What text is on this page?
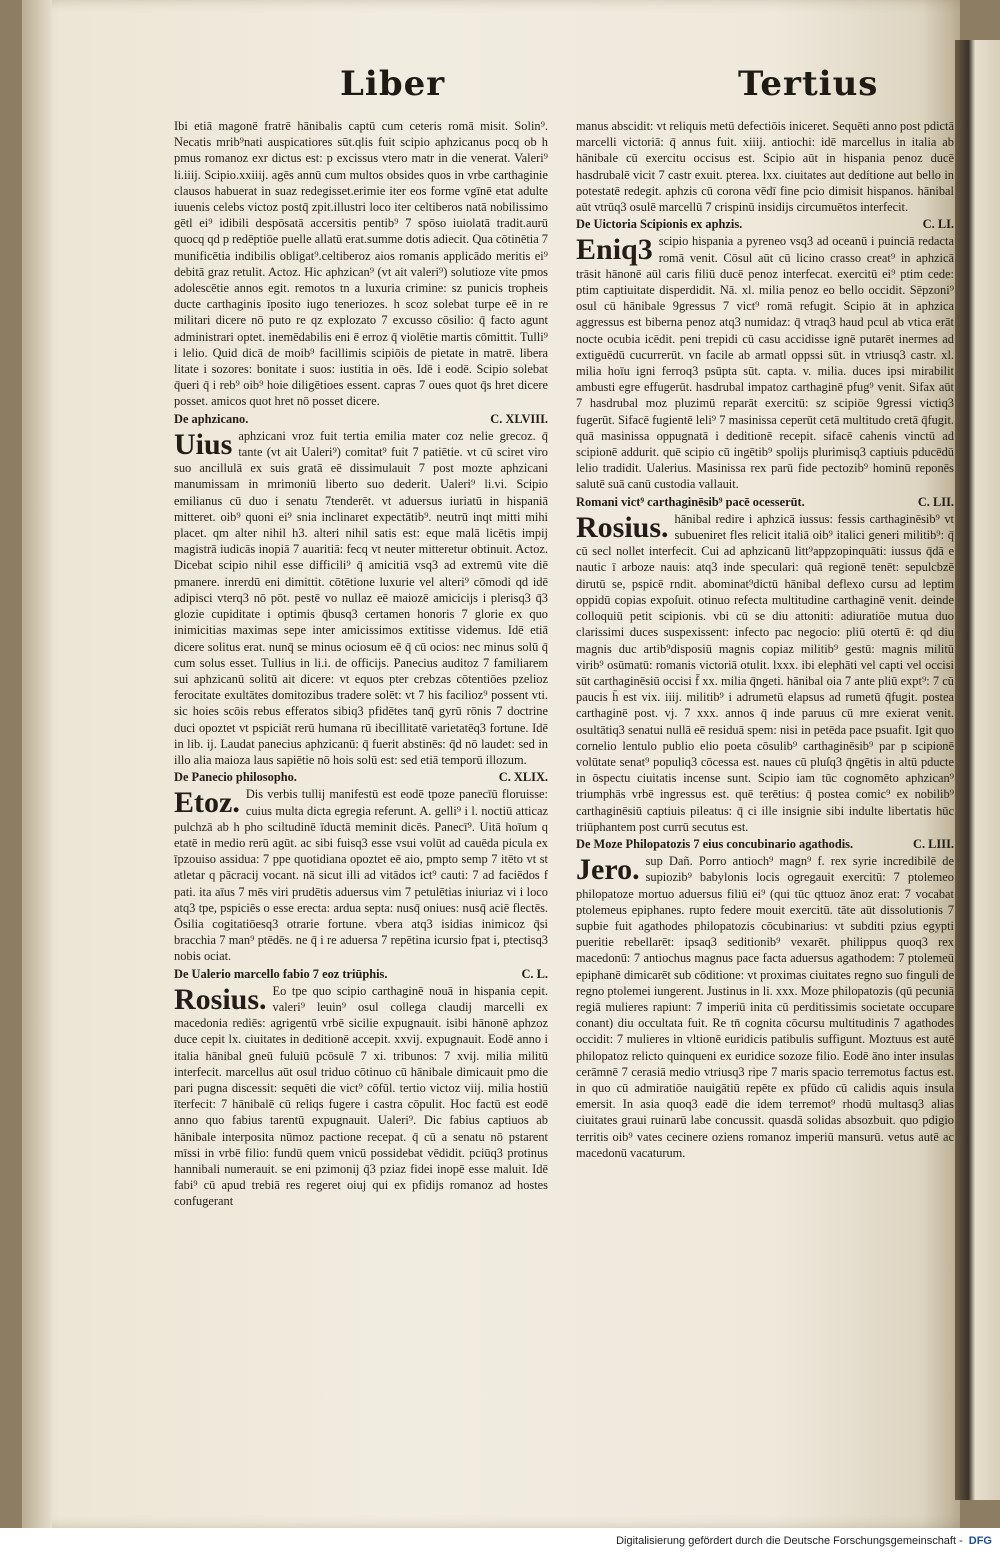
Liber	Tertius

Ibi etiā magonē fratrē hānibalis captū cum ceteris romā misit. Solin⁹. Necatis mrib⁹nati auspicatiores sūt.qlis fuit scipio aphzicanus pocq ob h pmus romanoz exr dictus est: p excissus vtero matr in die venerat. Valeri⁹ li.iiij. Scipio.xxiiij. agēs annū cum multos obsides quos in vrbe carthaginie clausos habuerat in suaz redegisset.erimie iter eos forme vgīnē etat adulte iuuenis celebs victoz postq̄ zpit.illustri loco iter celtiberos natā nobilissimo gētl ei⁹ idibili despōsatā accersitis pentib⁹ 7 spōso iuiolatā tradit.aurū quocq qd p redēptiōe puelle allatū erat.summe dotis adiecit. Qua cōtinētia 7 munificētia indibilis obligat⁹.celtiberoz aios romanis applicādo meritis ei⁹ debitā graz retulit. Actoz. Hic aphzican⁹ (vt ait valeri⁹) solutioze vite pmos adolescētie annos egit. remotos tn a luxuria crimine: sz punicis tropheis ducte carthaginis īposito iugo teneriozes. h scoz solebat turpe eē in re militari dicere nō puto re qz explozato 7 excusso cōsilio: q̄ facto agunt administrari optet. inemēdabilis eni ē erroz q̄ violētie martis cōmittit. Tulli⁹ i lelio. Quid dicā de moib⁹ facillimis scipiōis de pietate in matrē. libera litate i sozores: bonitate i suos: iustitia in oēs. Idē i eodē. Scipio solebat q̄ueri q̄ i reb⁹ oib⁹ hoie diligētioes essent. capras 7 oues quot q̄s hret dicere posset. amicos quot hret nō posset dicere.

De aphzicano.	C. XLVIII.

Uius aphzicani vroz fuit tertia emilia mater coz nelie grecoz. q̄ tante (vt ait Ualeri⁹) comitat⁹ fuit 7 patiētie. vt cū sciret viro suo ancillulā ex suis gratā eē dissimulauit 7 post mozte aphzicani manumissam in mrimoniū liberto suo dederit. Ualeri⁹ li.vi. Scipio emilianus cū duo i senatu 7tenderēt. vt aduersus iuriatū in hispaniā mitteret. oib⁹ quoni ei⁹ snia inclinaret expectātib⁹. neutrū inqt mitti mihi placet. qm alter nihil h3. alteri nihil satis est: eque malā licētis impij magistrā iudicās inopiā 7 auaritiā: fecq vt neuter mitteretur obtinuit. Actoz. Dicebat scipio nihil esse difficili⁹ q̄ amicitiā vsq3 ad extremū vite diē pmanere. inrerdū eni dimittit. cōtētione luxurie vel alteri⁹ cōmodi qd idē adipisci vterq3 nō pōt. pestē vo nullaz eē maiozē amicicijs i plerisq3 q̄3 glozie cupiditate i optimis q̄busq3 certamen honoris 7 glorie ex quo inimicitias maximas sepe inter amicissimos extitisse videmus. Idē etiā dicere solitus erat. nunq̄ se minus ociosum eē q̄ cū ocios: nec minus solū q̄ cum solus esset. Tullius in li.i. de officijs. Panecius auditoz 7 familiarem sui aphzicanū solitū ait dicere: vt equos pter crebzas cōtentiōes pzelioz ferocitate exultātes domitozibus tradere solēt: vt 7 his facilioz⁹ possent vti. sic hoies scōis rebus efferatos sibiq3 pfidētes tanq̄ gyrū rōnis 7 doctrine duci opoztet vt pspiciāt rerū humana rū ibecillitatē varietatēq3 fortune. Idē in lib. ij. Laudat panecius aphzicanū: q̄ fuerit abstinēs: q̄d nō laudet: sed in illo alia maioza laus sapiētie nō hois solū est: sed etiā temporū illozum.

De Panecio philosopho.	C. XLIX.

Etoz. Dis verbis tullij manifestū est eodē tpoze panecīū floruisse: cuius multa dicta egregia referunt. A. gelli⁹ i l. noctiū atticaz pulchzā ab h pho sciltudinē īductā meminit dicēs. Panecī⁹. Uitā hoīum q etatē in medio rerū agūt. ac sibi fuisq3 esse vsui volūt ad cauēda picula ex īpzouiso assidua: 7 ppe quotidiana opoztet eē aio, pmpto semp 7 itēto vt st atletar q pācracij vocant. nā sicut illi ad vitādos ict⁹ cauti: 7 ad faciēdos f pati. ita aīus 7 mēs viri prudētis aduersus vim 7 petulētias iniuriaz vi i loco atq3 tpe, pspiciēs o esse erecta: ardua septa: nusq̄ oniues: nusq̄ aciē flectēs. Ōsilia cogitatiōesq3 otrarie fortune. vbera atq3 isidias inimicoz q̄si bracchia 7 man⁹ ptēdēs. ne q̄ i re aduersa 7 repētina icursio fpat i, ptectisq3 nobis ociat.

De Ualerio marcello fabio 7 eoz triūphis.	C. L.

Rosius. Eo tpe quo scipio carthaginē nouā in hispania cepit. valeri⁹ leuin⁹ osul collega claudij marcelli ex macedonia rediēs: agrigentū vrbē sicilie expugnauit. isibi hānonē aphzoz duce cepit lx. ciuitates in deditionē accepit. xxvij. expugnauit. Eodē anno i italia hānibal gneū fuluiū pcōsulē 7 xi. tribunos: 7 xvij. milia militū interfecit. marcellus aūt osul triduo cōtinuo cū hānibale dimicauit pmo die pari pugna discessit: sequēti die vict⁹ cōfūl. tertio victoz viij. milia hostiū īterfecit: 7 hānibalē cū reliqs fugere i castra cōpulit. Hoc factū est eodē anno quo fabius tarentū expugnauit. Ualeri⁹. Dic fabius captiuos ab hānibale interposita nūmoz pactione recepat. q̄ cū a senatu nō pstarent mīssi in vrbē filio: fundū quem vnicū possidebat vēdidit. pciūq3 protinus hannibali numerauit. se eni pzimonij q̄3 pziaz fidei inopē esse maluit. Idē fabi⁹ cū apud trebiā res regeret oiuj qui ex pfidijs romanoz ad hostes confugerant

manus abscidit: vt reliquis metū defectiōis iniceret. Sequēti anno post pdictā marcelli victoriā: q̄ annus fuit. xiiij. antiochi: idē marcellus in italia ab hānibale cū exercitu occisus est. Scipio aūt in hispania penoz ducē hasdrubalē vicit 7 castr exuit. pterea. lxx. ciuitates aut dedítione aut bello in potestatē redegit. aphzis cū corona vēdī fine pcio dimisit hispanos. hānibal aūt vtrūq3 osulē marcellū 7 crispinū insidijs circumuētos interfecit.

De Uictoria Scipionis ex aphzis.	C. LI.

Eniq3 scipio hispania a pyreneo vsq3 ad oceanū i puinciā redacta romā venit. Cōsul aūt cū licino crasso creat⁹ in aphzicā trāsit hānonē aūl caris filiū ducē penoz interfecat. exercitū ei⁹ ptim cede: ptim captiuitate disperdidit. Nā. xl. milia penoz eo bello occidit. Sēpzoni⁹ osul cū hānibale 9gressus 7 vict⁹ romā refugit. Scipio āt in aphzica aggressus est biberna penoz atq3 numidaz: q̄ vtraq3 haud pcul ab vtica erāt nocte ocubia icēdit. peni trepidi cū casu accidisse ignē putarēt inermes ad extiguēdū cucurrerūt. vn facile ab armatl oppssi sūt. in vtriusq3 castr. xl. milia hoīu igni ferroq3 psūpta sūt. capta. v. milia. duces ipsi mirabilit ambusti egre effugerūt. hasdrubal impatoz carthaginē pfug⁹ venit. Sifax aūt 7 hasdrubal moz pluzimū reparāt exercitū: sz scipiōe 9gressi victiq3 fugerūt. Sifacē fugientē leli⁹ 7 masinissa ceperūt cetā multitudo cretā q̄fugit. quā masinissa oppugnatā i deditionē recepit. sifacē cahenis vinctū ad scipionē addurit. quē scipio cū ingētib⁹ spolijs plurimisq3 captiuis pducēdū lelio tradidit. Ualerius. Masinissa rex parū fide pectozib⁹ hominū reponēs salutē suā canū custodia vallauit.

Romani vict⁹ carthaginēsib⁹ pacē ocesserūt.	C. LII.

Rosius. hānibal redire i aphzicā iussus: fessis carthaginēsib⁹ vt subueniret fles relicit italiā oib⁹ italici generi militib⁹: q̄ cū secl nollet interfecit. Cui ad aphzicanū litt⁹appzopinquāti: iussus q̄dā e nautic ī arboze nauis: atq3 inde speculari: quā regionē tenēt: sepulcbzē dirutū se, pspicē rndit. abominat⁹dictū hānibal deflexo cursu ad leptim oppidū copias expoſuit. otinuo refecta multitudine carthaginē venit. deinde colloquiū petit scipionis. vbi cū se diu attoniti: adiuratiōe mutua duo clarissimi duces suspexissent: infecto pac negocio: pliū otertū ē: qd diu magnis duc artib⁹disposiū magnis copiaz militib⁹ gestū: magnis militū virib⁹ osūmatū: romanis victoriā otulit. lxxx. ibi elephāti vel capti vel occisi sūt carthaginēsiū occisi f̄ xx. milia q̄ngeti. hānibal oia 7 ante pliū expt⁹: 7 cū paucis h̄ est vix. iiij. militib⁹ i adrumetū elapsus ad rumetū q̄fugit. postea carthaginē post. vj. 7 xxx. annos q̄ inde paruus cū mre exierat venit. osultātiq3 senatui nullā eē residuā spem: nisi in petēda pace psuafit. Igit quo cornelio lentulo publio elio poeta cōsulib⁹ carthaginēsib⁹ par p scipionē volūtate senat⁹ populiq3 cōcessa est. naues cū pluſq3 q̄ngētis in altū pducte in ōspectu ciuitatis incense sunt. Scipio iam tūc cognomēto aphzican⁹ triumphās vrbē ingressus est. quē terētius: q̄ postea comic⁹ ex nobilib⁹ carthaginēsiū captiuis pileatus: q̄ ci ille insignie sibi indulte libertatis hūc triūphantem post currū secutus est.

De Moze Philopatozis 7 eius concubinario agathodis.	C. LIII.

Jero. sup Dañ. Porro antioch⁹ magn⁹ f. rex syrie incredibilē de supiozib⁹ babylonis locis ogregauit exercitū: 7 ptolemeo philopatoze mortuo aduersus filiū ei⁹ (qui tūc qttuoz ānoz erat: 7 vocabat ptolemeus epiphanes. rupto federe mouit exercitū. tāte aūt dissolutionis 7 supbie fuit agathodes philopatozis cōcubinarius: vt subditi pzius egypti pueritie rebellarēt: ipsaq3 seditionib⁹ vexarēt. philippus quoq3 rex macedonū: 7 antiochus magnus pace facta aduersus agathodem: 7 ptolemeū epiphanē dimicarēt sub cōditione: vt proximas ciuitates regno suo finguli de regno ptolemei iungerent. Justinus in li. xxx. Moze philopatozis (qū pecuniā regiā mulieres rapiunt: 7 imperiū inita cū perditissimis societate occupare conant) diu occultata fuit. Re tn̄ cognita cōcursu multitudinis 7 agathodes occidit: 7 mulieres in vltionē euridicis patibulis suffigunt. Moztuus est autē philopatoz relicto quinqueni ex euridice sozoze filio. Eodē āno inter insulas cerāmnē 7 cerasiā medio vtriusq3 ripe 7 maris spacio terremotus factus est. in quo cū admiratiōe nauigātiū repēte ex pfūdo cū calidis aquis insula emersit. In asia quoq3 eadē die idem terremot⁹ rhodū multasq3 alias ciuitates graui ruinarū labe concussit. quasdā solidas absozbuit. quo pdigio territis oib⁹ vates cecinere oziens romanoz imperiū mansurū. vetus autē ac macedonū vacaturum.

Digitalisierung gefördert durch die Deutsche Forschungsgemeinschaft - DFG
